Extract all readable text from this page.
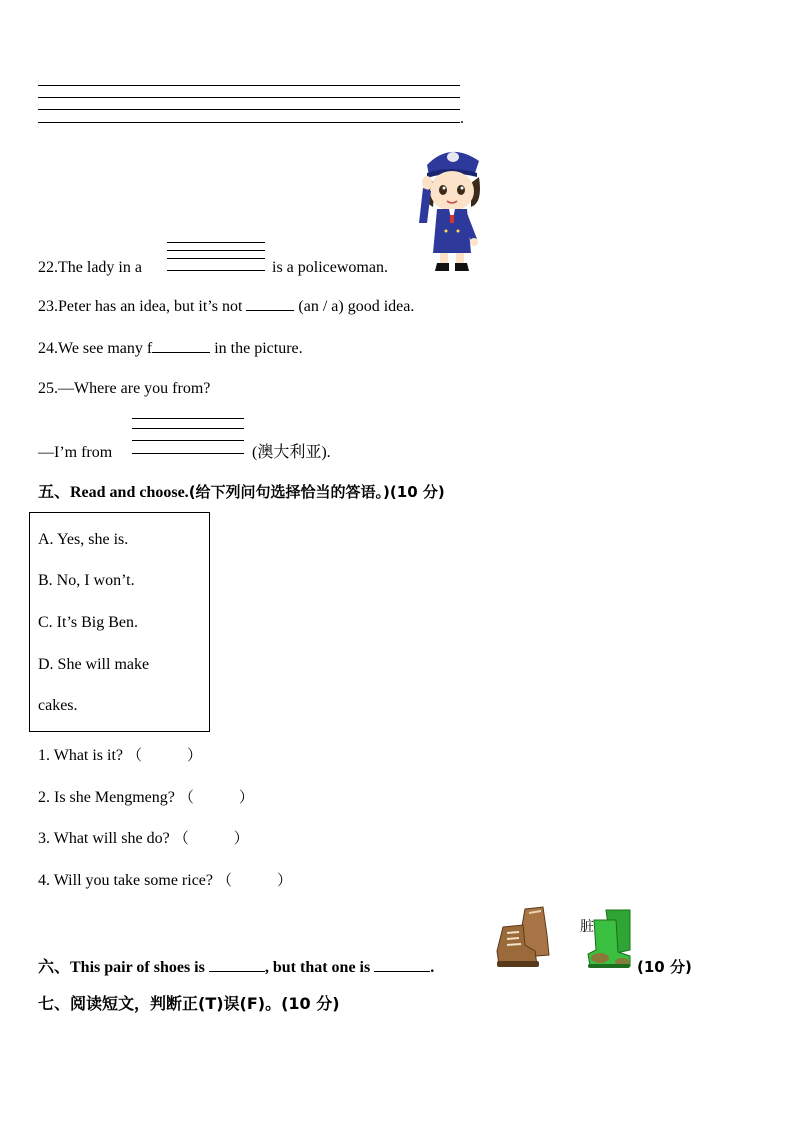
.
22.The lady in a	is a policewoman.
23.Peter has an idea, but it’s not	(an / a) good idea.
24.We see many f	in the picture.
25.—Where are you from?
—I’m from	(澳大利亚).
五、Read and choose.(给下列问句选择恰当的答语。)(10 分)
A. Yes, she is.
B. No, I won’t.
C. It’s Big Ben.
D. She will make
cakes.
1. What is it? （　　　）
2. Is she Mengmeng? （　　　）
3. What will she do? （　　　）
4. Will you take some rice? （　　　）
六、This pair of shoes is	, but that one is	.
脏
(10 分)
七、阅读短文，判断正(T)误(F)。(10 分)
